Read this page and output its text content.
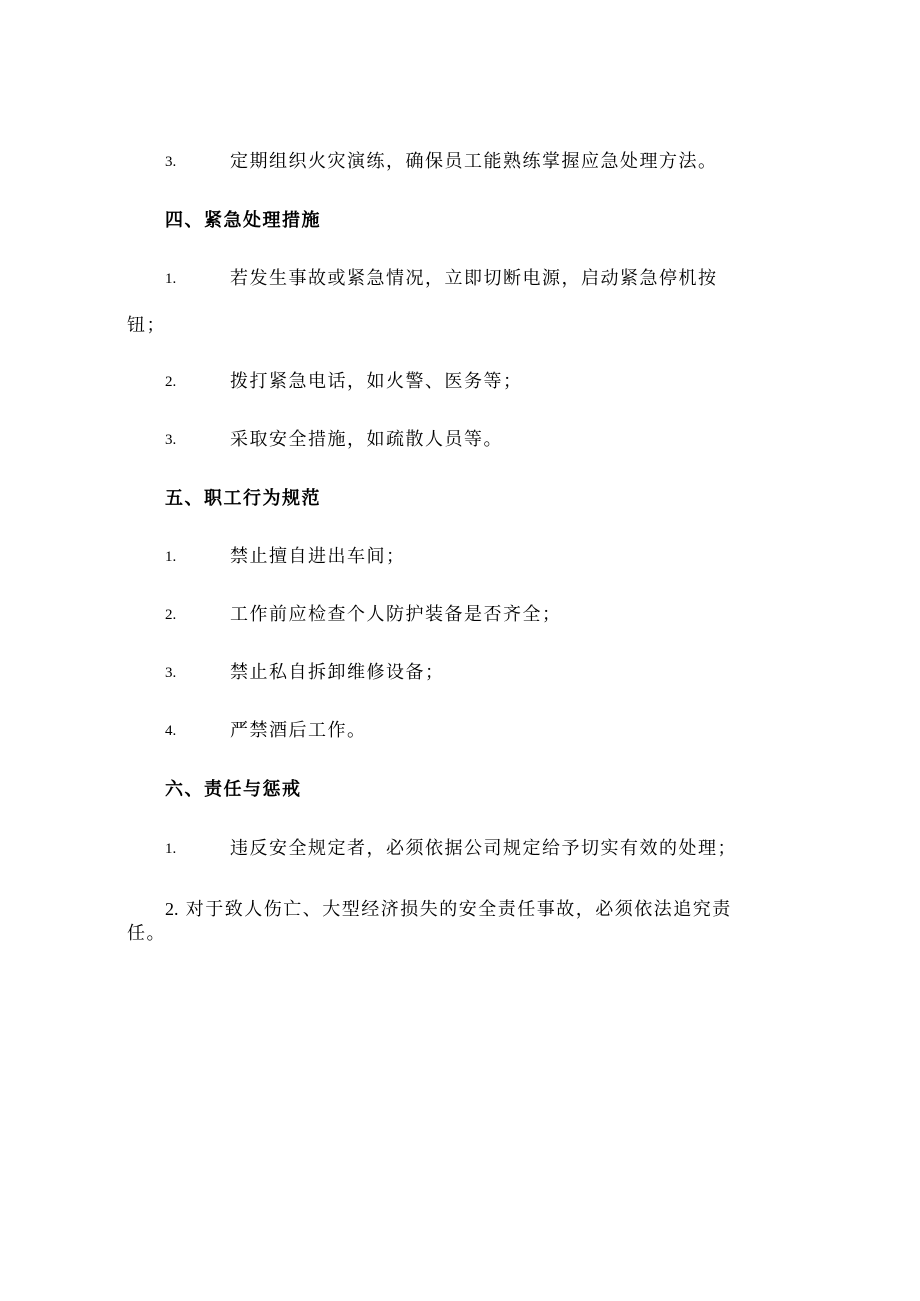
3.	定期组织火灾演练，确保员工能熟练掌握应急处理方法。
四、紧急处理措施
1.	若发生事故或紧急情况，立即切断电源，启动紧急停机按
钮；
2.	拨打紧急电话，如火警、医务等；
3.	采取安全措施，如疏散人员等。
五、职工行为规范
1.	禁止擅自进出车间；
2.	工作前应检查个人防护装备是否齐全；
3.	禁止私自拆卸维修设备；
4.	严禁酒后工作。
六、责任与惩戒
1.	违反安全规定者，必须依据公司规定给予切实有效的处理；
2. 对于致人伤亡、大型经济损失的安全责任事故，必须依法追究责
任。
